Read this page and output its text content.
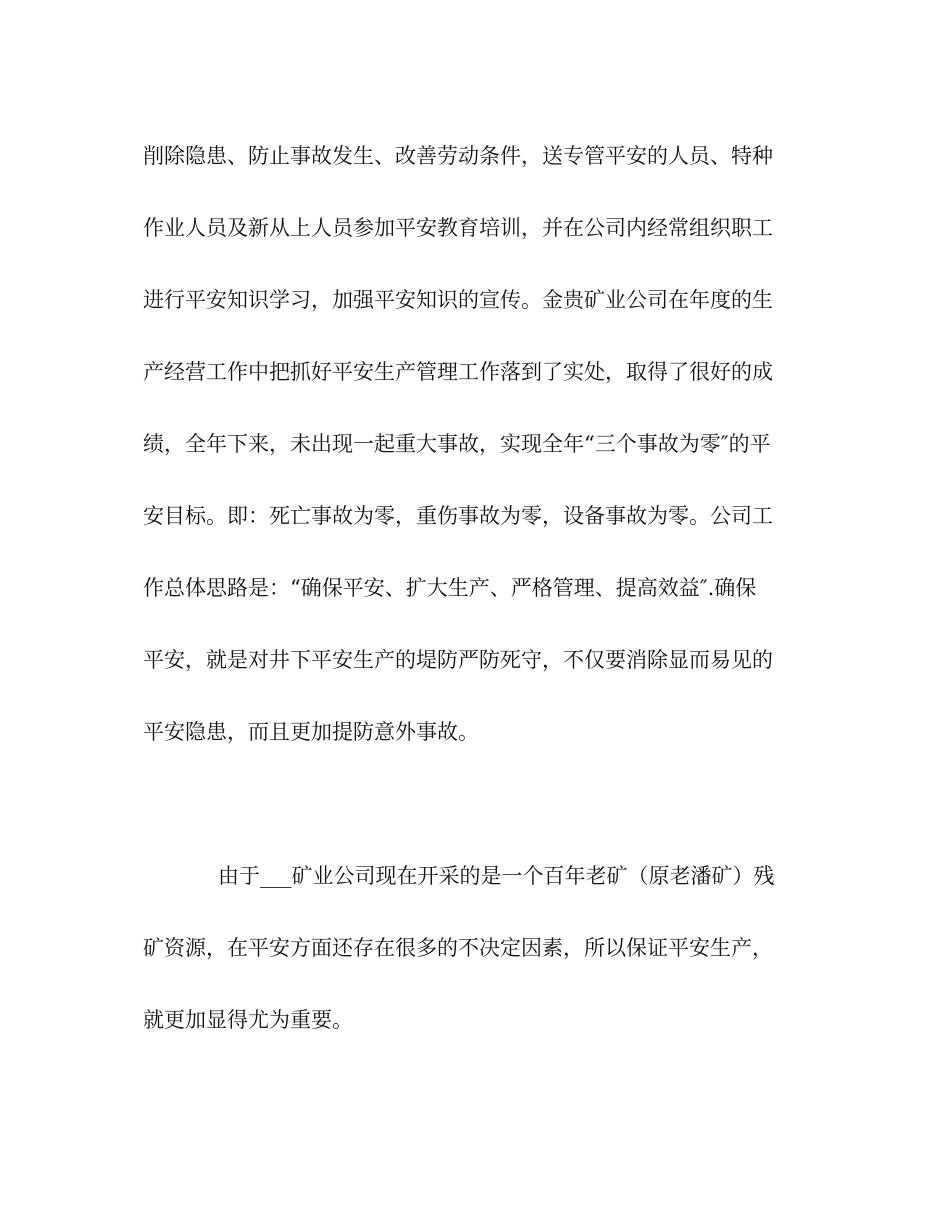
削除隐患、防止事故发生、改善劳动条件，送专管平安的人员、特种
作业人员及新从上人员参加平安教育培训，并在公司内经常组织职工
进行平安知识学习，加强平安知识的宣传。金贵矿业公司在年度的生
产经营工作中把抓好平安生产管理工作落到了实处，取得了很好的成
绩，全年下来，未出现一起重大事故，实现全年“三个事故为零″的平
安目标。即：死亡事故为零，重伤事故为零，设备事故为零。公司工
作总体思路是：“确保平安、扩大生产、严格管理、提高效益″.确保
平安，就是对井下平安生产的堤防严防死守，不仅要消除显而易见的
平安隐患，而且更加提防意外事故。
由于___矿业公司现在开采的是一个百年老矿（原老潘矿）残
矿资源，在平安方面还存在很多的不决定因素，所以保证平安生产，
就更加显得尤为重要。
